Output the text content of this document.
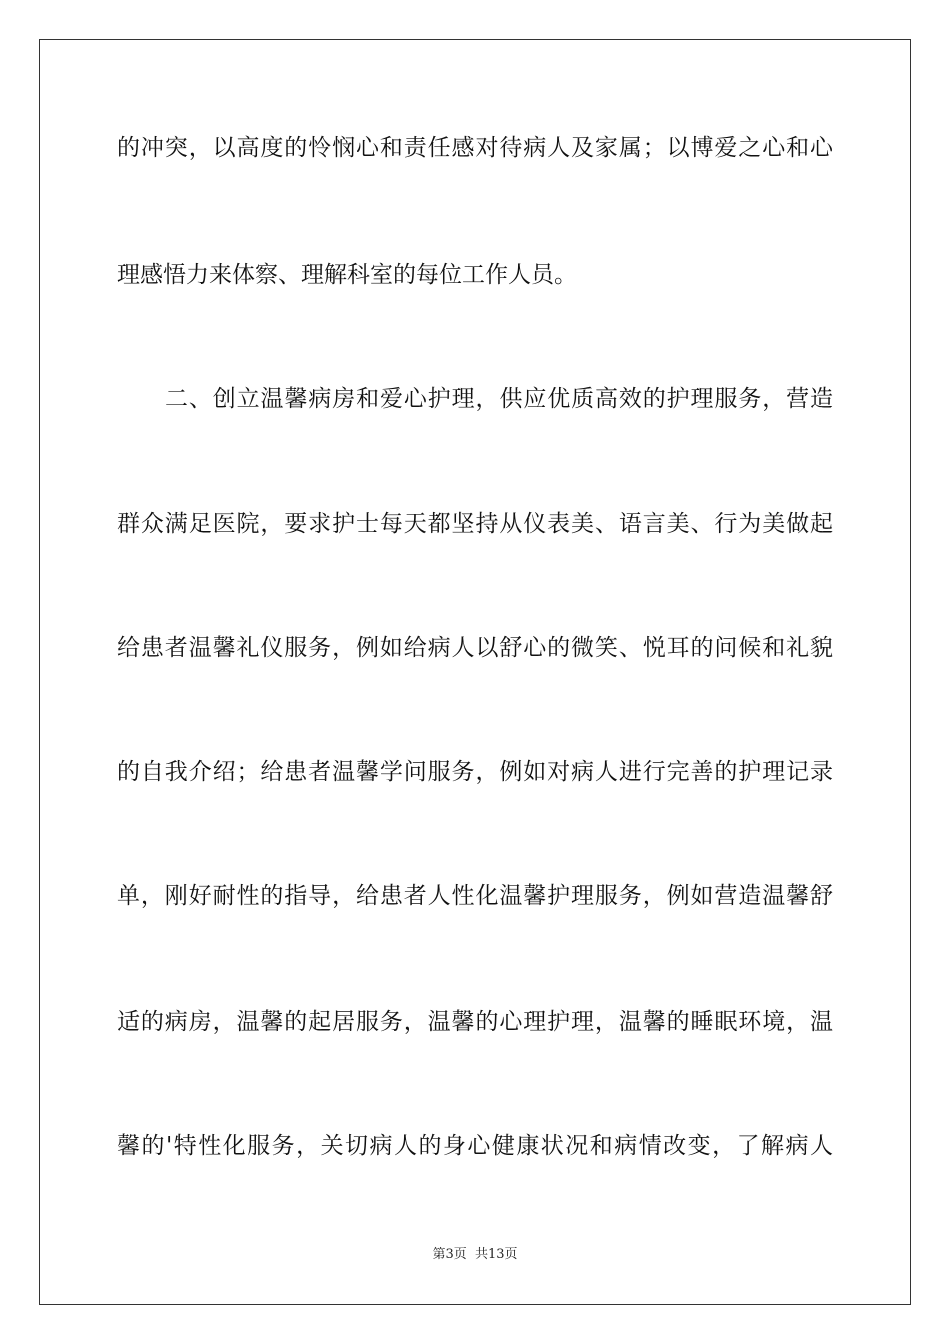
的冲突，以高度的怜悯心和责任感对待病人及家属；以博爱之心和心
理感悟力来体察、理解科室的每位工作人员。
二、创立温馨病房和爱心护理，供应优质高效的护理服务，营造
群众满足医院，要求护士每天都坚持从仪表美、语言美、行为美做起
给患者温馨礼仪服务，例如给病人以舒心的微笑、悦耳的问候和礼貌
的自我介绍；给患者温馨学问服务，例如对病人进行完善的护理记录
单，刚好耐性的指导，给患者人性化温馨护理服务，例如营造温馨舒
适的病房，温馨的起居服务，温馨的心理护理，温馨的睡眠环境，温
馨的'特性化服务，关切病人的身心健康状况和病情改变，了解病人
第3页 共13页
